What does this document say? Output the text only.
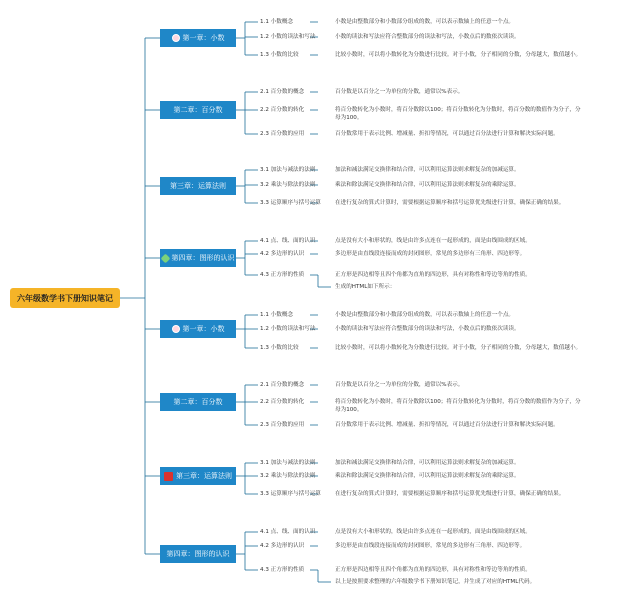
六年级数学书下册知识笔记
第一章：小数
1.1 小数概念	小数是由整数部分和小数部分组成的数，可以表示数轴上的任意一个点。
1.2 小数的读法和写法	小数的读法和写法应符合整数部分的读法和写法，小数点后的数依次读读。
1.3 小数的比较	比较小数时，可以将小数转化为分数进行比较。对于小数，分子相同的分数，分母越大，数值越小。
第二章：百分数
2.1 百分数的概念	百分数是以百分之一为单位的分数，通常以%表示。
2.2 百分数的转化	将百分数转化为小数时，将百分数除以100；将百分数转化为分数时，将百分数的数值作为分子，分母为100。
2.3 百分数的应用	百分数常用于表示比例、增减量、折扣等情况，可以通过百分法进行计算和解决实际问题。
第三章：运算法则
3.1 加法与减法的法则	加法和减法满足交换律和结合律，可以利用运算法则求解复杂的加减运算。
3.2 乘法与除法的法则	乘法和除法满足交换律和结合律，可以利用运算法则求解复杂的乘除运算。
3.3 运算顺序与括号运算	在进行复杂的算式计算时，需要根据运算顺序和括号运算优先级进行计算，确保正确的结果。
第四章：图形的认识
4.1 点、线、面的认识	点是没有大小和形状的，线是由许多点连在一起形成的，面是由线围成的区域。
4.2 多边形的认识	多边形是由直线段连接而成的封闭图形，常见的多边形有三角形、四边形等。
4.3 正方形的性质	正方形是四边相等且四个角都为直角的四边形，具有对称性和等边等角的性质。
生成的HTML如下所示：
第一章：小数
1.1 小数概念	小数是由整数部分和小数部分组成的数，可以表示数轴上的任意一个点。
1.2 小数的读法和写法	小数的读法和写法应符合整数部分的读法和写法，小数点后的数依次读读。
1.3 小数的比较	比较小数时，可以将小数转化为分数进行比较。对于小数，分子相同的分数，分母越大，数值越小。
第二章：百分数
2.1 百分数的概念	百分数是以百分之一为单位的分数，通常以%表示。
2.2 百分数的转化	将百分数转化为小数时，将百分数除以100；将百分数转化为分数时，将百分数的数值作为分子，分母为100。
2.3 百分数的应用	百分数常用于表示比例、增减量、折扣等情况，可以通过百分法进行计算和解决实际问题。
第三章：运算法则
3.1 加法与减法的法则	加法和减法满足交换律和结合律，可以利用运算法则求解复杂的加减运算。
3.2 乘法与除法的法则	乘法和除法满足交换律和结合律，可以利用运算法则求解复杂的乘除运算。
3.3 运算顺序与括号运算	在进行复杂的算式计算时，需要根据运算顺序和括号运算优先级进行计算，确保正确的结果。
第四章：图形的认识
4.1 点、线、面的认识	点是没有大小和形状的，线是由许多点连在一起形成的，面是由线围成的区域。
4.2 多边形的认识	多边形是由直线段连接而成的封闭图形，常见的多边形有三角形、四边形等。
4.3 正方形的性质	正方形是四边相等且四个角都为直角的四边形，具有对称性和等边等角的性质。
以上是按照要求整理的六年级数学书下册知识笔记，并生成了对应的HTML代码。
